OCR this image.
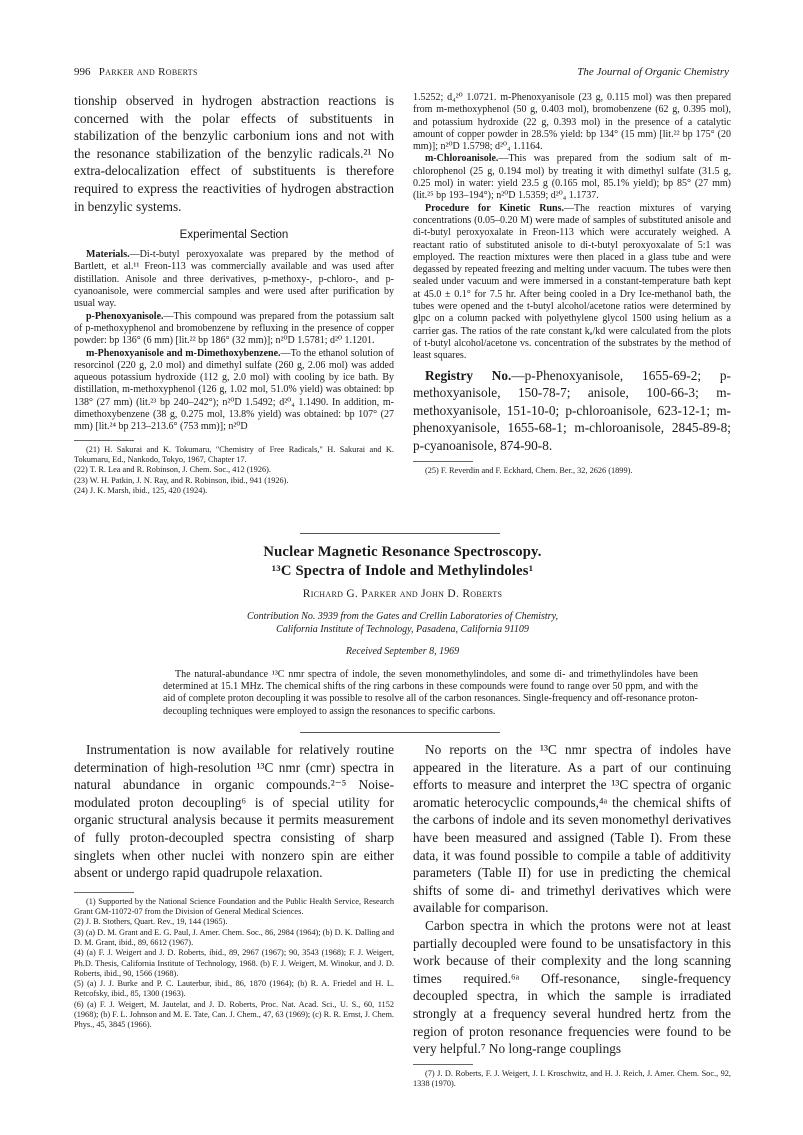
996 Parker and Roberts	The Journal of Organic Chemistry

tionship observed in hydrogen abstraction reactions is concerned with the polar effects of substituents in stabilization of the benzylic carbonium ions and not with the resonance stabilization of the benzylic radicals.²¹ No extra-delocalization effect of substituents is therefore required to express the reactivities of hydrogen abstraction in benzylic systems.

Experimental Section

Materials.—Di-t-butyl peroxyoxalate was prepared by the method of Bartlett, et al.¹¹ Freon-113 was commercially available and was used after distillation. Anisole and three derivatives, p-methoxy-, p-chloro-, and p-cyanoanisole, were commercial samples and were used after purification by usual way.

p-Phenoxyanisole.—This compound was prepared from the potassium salt of p-methoxyphenol and bromobenzene by refluxing in the presence of copper powder: bp 136° (6 mm) [lit.²² bp 186° (32 mm)]; n²⁰D 1.5781; d²⁰ 1.1201.

m-Phenoxyanisole and m-Dimethoxybenzene.—To the ethanol solution of resorcinol (220 g, 2.0 mol) and dimethyl sulfate (260 g, 2.06 mol) was added aqueous potassium hydroxide (112 g, 2.0 mol) with cooling by ice bath. By distillation, m-methoxyphenol (126 g, 1.02 mol, 51.0% yield) was obtained: bp 138° (27 mm) (lit.²³ bp 240–242°); n²⁰D 1.5492; d²⁰₄ 1.1490. In addition, m-dimethoxybenzene (38 g, 0.275 mol, 13.8% yield) was obtained: bp 107° (27 mm) [lit.²⁴ bp 213–213.6° (753 mm)]; n²⁰D

(21) H. Sakurai and K. Tokumaru, "Chemistry of Free Radicals," H. Sakurai and K. Tokumaru, Ed., Nankodo, Tokyo, 1967, Chapter 17.

(22) T. R. Lea and R. Robinson, J. Chem. Soc., 412 (1926).

(23) W. H. Patkin, J. N. Ray, and R. Robinson, ibid., 941 (1926).

(24) J. K. Marsh, ibid., 125, 420 (1924).

1.5252; d₄²⁰ 1.0721. m-Phenoxyanisole (23 g, 0.115 mol) was then prepared from m-methoxyphenol (50 g, 0.403 mol), bromobenzene (62 g, 0.395 mol), and potassium hydroxide (22 g, 0.393 mol) in the presence of a catalytic amount of copper powder in 28.5% yield: bp 134° (15 mm) [lit.²² bp 175° (20 mm)]; n²⁰D 1.5798; d²⁰₄ 1.1164.

m-Chloroanisole.—This was prepared from the sodium salt of m-chlorophenol (25 g, 0.194 mol) by treating it with dimethyl sulfate (31.5 g, 0.25 mol) in water: yield 23.5 g (0.165 mol, 85.1% yield); bp 85° (27 mm) (lit.²⁵ bp 193–194°); n²⁰D 1.5359; d²⁰₄ 1.1737.

Procedure for Kinetic Runs.—The reaction mixtures of varying concentrations (0.05–0.20 M) were made of samples of substituted anisole and di-t-butyl peroxyoxalate in Freon-113 which were accurately weighed. A reactant ratio of substituted anisole to di-t-butyl peroxyoxalate of 5:1 was employed. The reaction mixtures were then placed in a glass tube and were degassed by repeated freezing and melting under vacuum. The tubes were then sealed under vacuum and were immersed in a constant-temperature bath kept at 45.0 ± 0.1° for 7.5 hr. After being cooled in a Dry Ice-methanol bath, the tubes were opened and the t-butyl alcohol/acetone ratios were determined by glpc on a column packed with polyethylene glycol 1500 using helium as a carrier gas. The ratios of the rate constant kₐ/kd were calculated from the plots of t-butyl alcohol/acetone vs. concentration of the substrates by the method of least squares.

Registry No.—p-Phenoxyanisole, 1655-69-2; p-methoxyanisole, 150-78-7; anisole, 100-66-3; m-methoxyanisole, 151-10-0; p-chloroanisole, 623-12-1; m-phenoxyanisole, 1655-68-1; m-chloroanisole, 2845-89-8; p-cyanoanisole, 874-90-8.

(25) F. Reverdin and F. Eckhard, Chem. Ber., 32, 2626 (1899).

Nuclear Magnetic Resonance Spectroscopy.
¹³C Spectra of Indole and Methylindoles¹
Richard G. Parker and John D. Roberts
Contribution No. 3939 from the Gates and Crellin Laboratories of Chemistry,
California Institute of Technology, Pasadena, California 91109
Received September 8, 1969
The natural-abundance ¹³C nmr spectra of indole, the seven monomethylindoles, and some di- and trimethylindoles have been determined at 15.1 MHz. The chemical shifts of the ring carbons in these compounds were found to range over 50 ppm, and with the aid of complete proton decoupling it was possible to resolve all of the carbon resonances. Single-frequency and off-resonance proton-decoupling techniques were employed to assign the resonances to specific carbons.

Instrumentation is now available for relatively routine determination of high-resolution ¹³C nmr (cmr) spectra in natural abundance in organic compounds.²⁻⁵ Noise-modulated proton decoupling⁶ is of special utility for organic structural analysis because it permits measurement of fully proton-decoupled spectra consisting of sharp singlets when other nuclei with nonzero spin are either absent or undergo rapid quadrupole relaxation.

(1) Supported by the National Science Foundation and the Public Health Service, Research Grant GM-11072-07 from the Division of General Medical Sciences.

(2) J. B. Stothers, Quart. Rev., 19, 144 (1965).

(3) (a) D. M. Grant and E. G. Paul, J. Amer. Chem. Soc., 86, 2984 (1964); (b) D. K. Dalling and D. M. Grant, ibid., 89, 6612 (1967).

(4) (a) F. J. Weigert and J. D. Roberts, ibid., 89, 2967 (1967); 90, 3543 (1968); F. J. Weigert, Ph.D. Thesis, California Institute of Technology, 1968. (b) F. J. Weigert, M. Winokur, and J. D. Roberts, ibid., 90, 1566 (1968).

(5) (a) J. J. Burke and P. C. Lauterbur, ibid., 86, 1870 (1964); (b) R. A. Friedel and H. L. Retcofsky, ibid., 85, 1300 (1963).

(6) (a) F. J. Weigert, M. Jautelat, and J. D. Roberts, Proc. Nat. Acad. Sci., U. S., 60, 1152 (1968); (b) F. L. Johnson and M. E. Tate, Can. J. Chem., 47, 63 (1969); (c) R. R. Ernst, J. Chem. Phys., 45, 3845 (1966).

No reports on the ¹³C nmr spectra of indoles have appeared in the literature. As a part of our continuing efforts to measure and interpret the ¹³C spectra of organic aromatic heterocyclic compounds,⁴ᵃ the chemical shifts of the carbons of indole and its seven monomethyl derivatives have been measured and assigned (Table I). From these data, it was found possible to compile a table of additivity parameters (Table II) for use in predicting the chemical shifts of some di- and trimethyl derivatives which were available for comparison.

Carbon spectra in which the protons were not at least partially decoupled were found to be unsatisfactory in this work because of their complexity and the long scanning times required.⁶ᵃ Off-resonance, single-frequency decoupled spectra, in which the sample is irradiated strongly at a frequency several hundred hertz from the region of proton resonance frequencies were found to be very helpful.⁷ No long-range couplings

(7) J. D. Roberts, F. J. Weigert, J. I. Kroschwitz, and H. J. Reich, J. Amer. Chem. Soc., 92, 1338 (1970).
